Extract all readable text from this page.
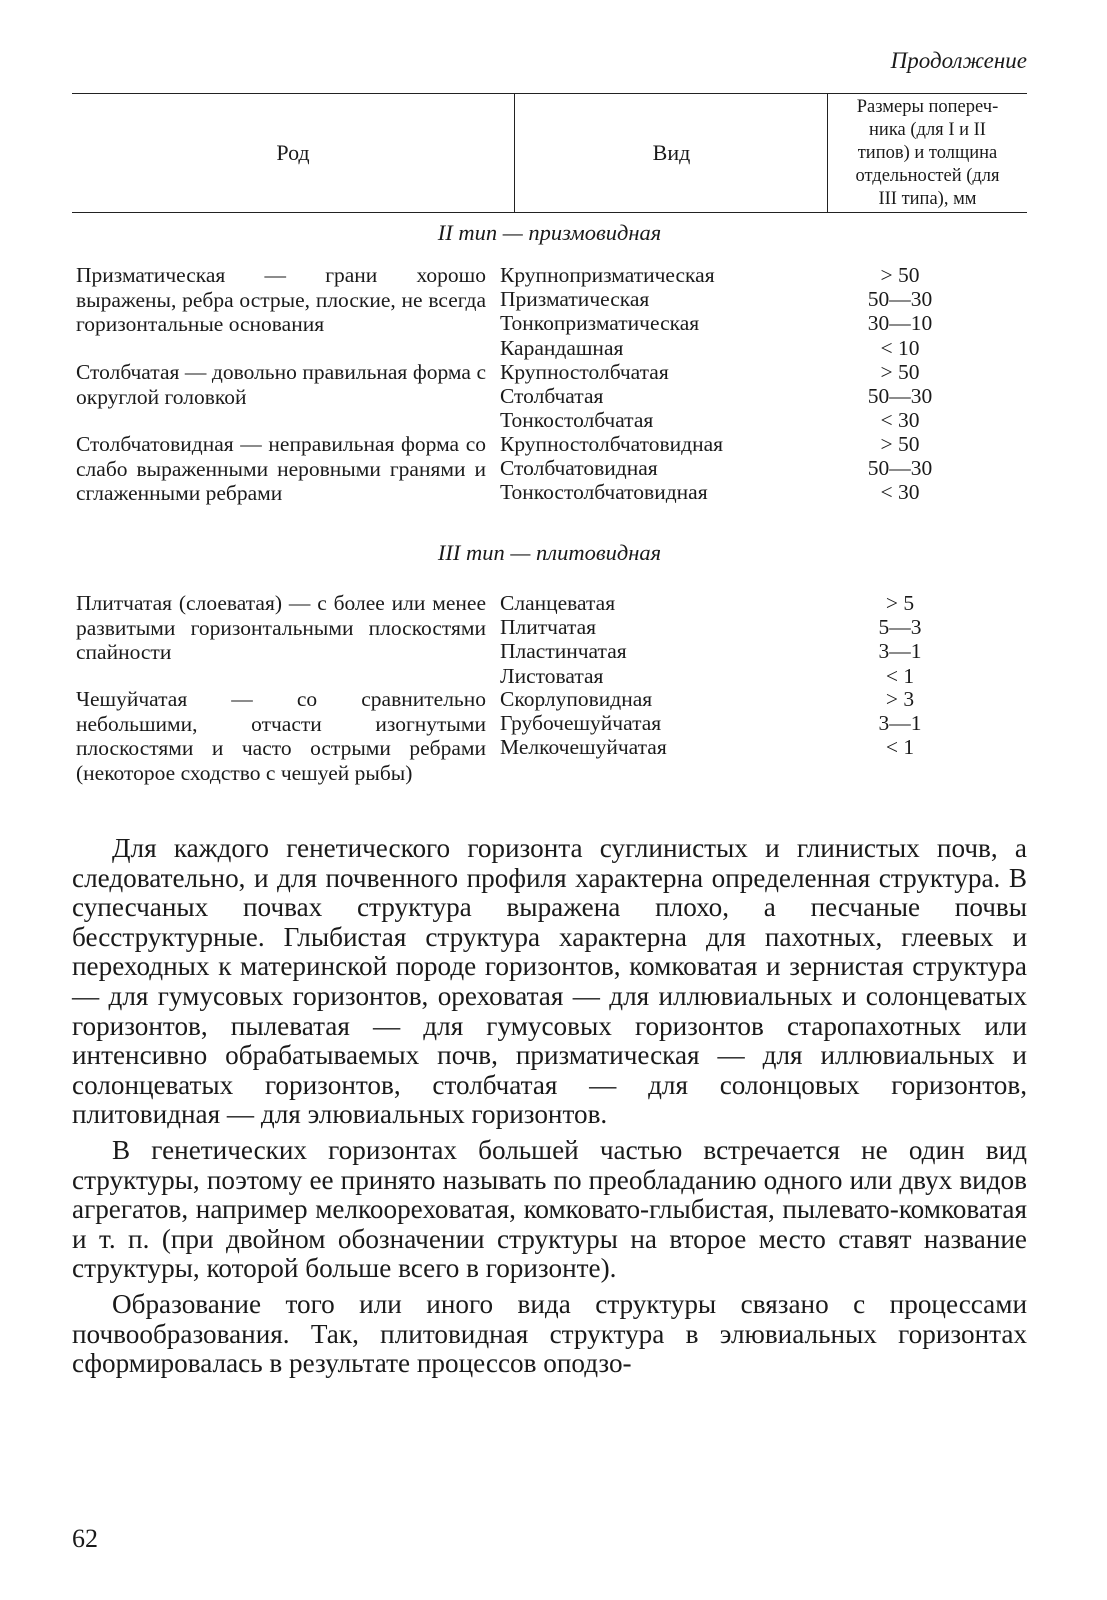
Продолжение
Род	Вид
Размеры попереч-
ника (для I и II
типов) и толщина
отдельностей (для
III типа), мм
II тип — призмовидная
Призматическая — грани хорошо выражены, ребра острые, плоские, не всегда горизонтальные основания
Крупнопризматическая
Призматическая
Тонкопризматическая
Карандашная
> 50
50—30
30—10
< 10
Столбчатая — довольно правильная форма с округлой головкой
Крупностолбчатая
Столбчатая
Тонкостолбчатая
> 50
50—30
< 30
Столбчатовидная — неправильная форма со слабо выраженными неровными гранями и сглаженными ребрами
Крупностолбчатовидная
Столбчатовидная
Тонкостолбчатовидная
> 50
50—30
< 30
III тип — плитовидная
Плитчатая (слоеватая) — с более или менее развитыми горизонтальными плоскостями спайности
Сланцеватая
Плитчатая
Пластинчатая
Листоватая
> 5
5—3
3—1
< 1
Чешуйчатая — со сравнительно небольшими, отчасти изогнутыми плоскостями и часто острыми ребрами (некоторое сходство с чешуей рыбы)
Скорлуповидная
Грубочешуйчатая
Мелкочешуйчатая
> 3
3—1
< 1

Для каждого генетического горизонта суглинистых и глинистых почв, а следовательно, и для почвенного профиля характерна определенная структура. В супесчаных почвах структура выражена плохо, а песчаные почвы бесструктурные. Глыбистая структура характерна для пахотных, глеевых и переходных к материнской породе горизонтов, комковатая и зернистая структура — для гумусовых горизонтов, ореховатая — для иллювиальных и солонцеватых горизонтов, пылеватая — для гумусовых горизонтов старопахотных или интенсивно обрабатываемых почв, призматическая — для иллювиальных и солонцеватых горизонтов, столбчатая — для солонцовых горизонтов, плитовидная — для элювиальных горизонтов.

В генетических горизонтах большей частью встречается не один вид структуры, поэтому ее принято называть по преобладанию одного или двух видов агрегатов, например мелкоореховатая, комковато-глыбистая, пылевато-комковатая и т. п. (при двойном обозначении структуры на второе место ставят название структуры, которой больше всего в горизонте).

Образование того или иного вида структуры связано с процессами почвообразования. Так, плитовидная структура в элювиальных горизонтах сформировалась в результате процессов оподзо-

62
